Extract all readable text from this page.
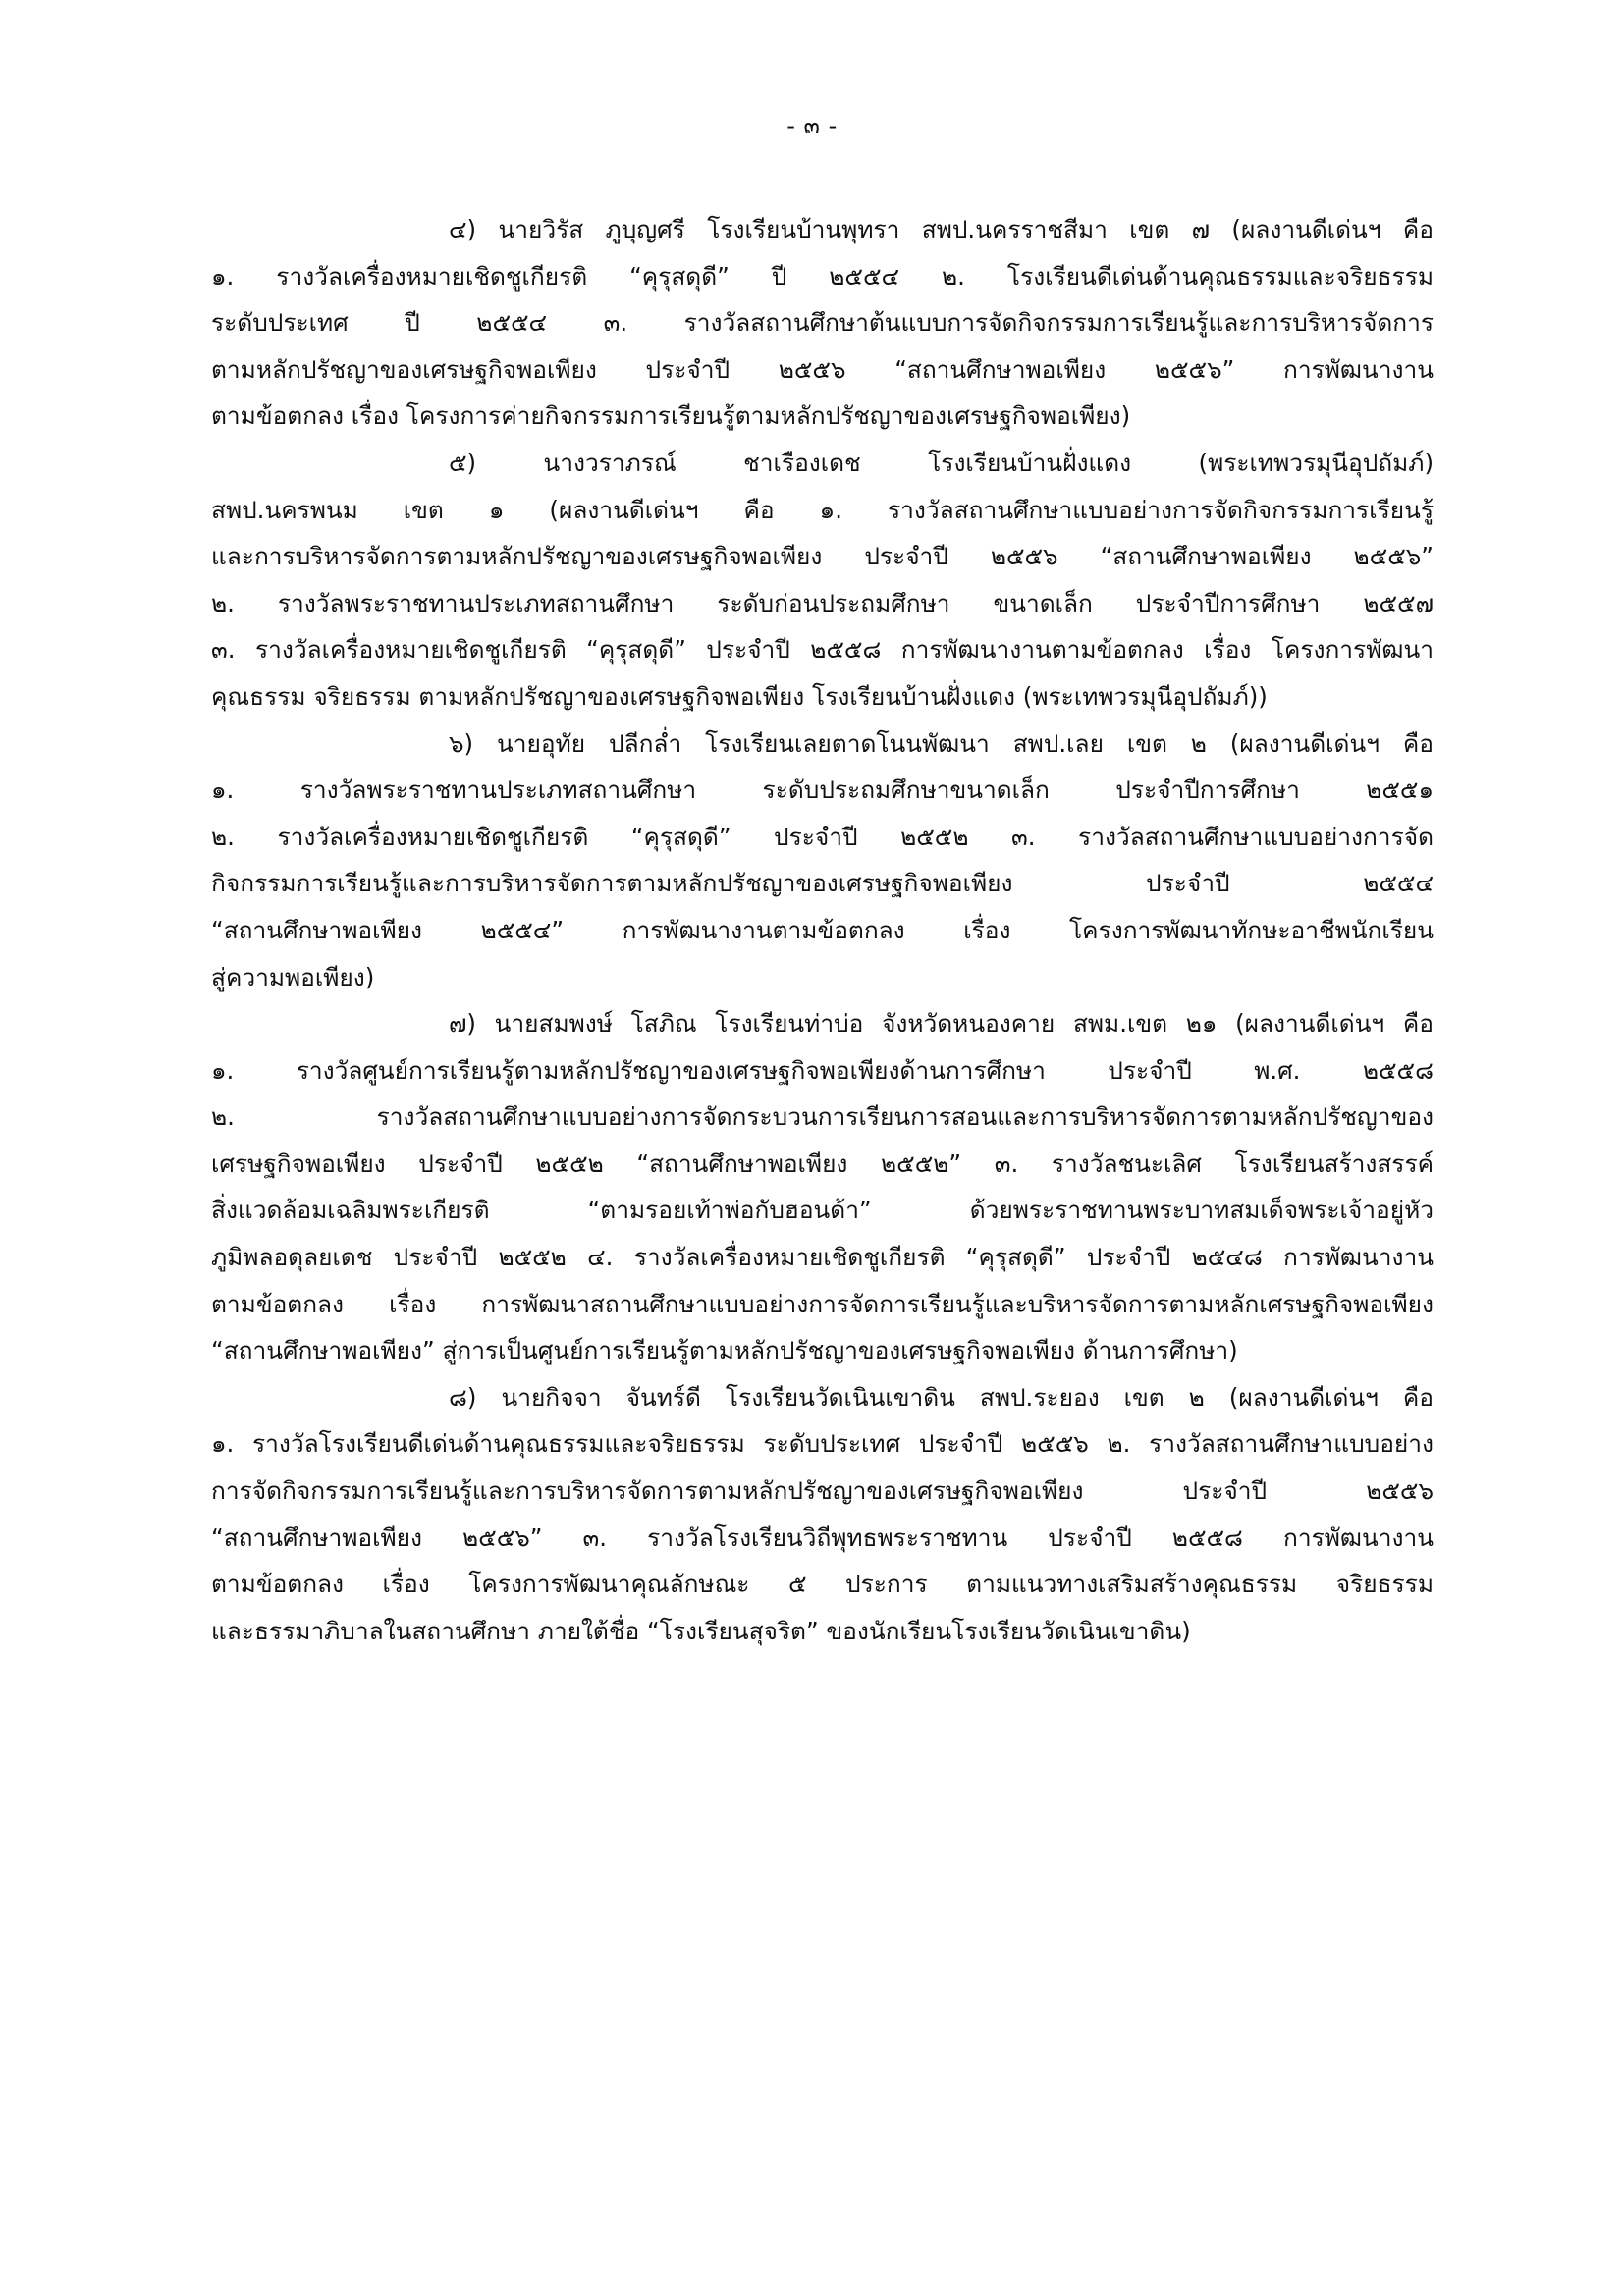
- ๓ -
๔) นายวิรัส ภูบุญศรี โรงเรียนบ้านพุทรา สพป.นครราชสีมา เขต ๗ (ผลงานดีเด่นฯ คือ
๑. รางวัลเครื่องหมายเชิดชูเกียรติ “คุรุสดุดี” ปี ๒๕๕๔ ๒. โรงเรียนดีเด่นด้านคุณธรรมและจริยธรรม
ระดับประเทศ ปี ๒๕๕๔ ๓. รางวัลสถานศึกษาต้นแบบการจัดกิจกรรมการเรียนรู้และการบริหารจัดการ
ตามหลักปรัชญาของเศรษฐกิจพอเพียง ประจำปี ๒๕๕๖ “สถานศึกษาพอเพียง ๒๕๕๖” การพัฒนางาน
ตามข้อตกลง เรื่อง โครงการค่ายกิจกรรมการเรียนรู้ตามหลักปรัชญาของเศรษฐกิจพอเพียง)
๕) นางวราภรณ์ ชาเรืองเดช โรงเรียนบ้านฝั่งแดง (พระเทพวรมุนีอุปถัมภ์)
สพป.นครพนม เขต ๑ (ผลงานดีเด่นฯ คือ ๑. รางวัลสถานศึกษาแบบอย่างการจัดกิจกรรมการเรียนรู้
และการบริหารจัดการตามหลักปรัชญาของเศรษฐกิจพอเพียง ประจำปี ๒๕๕๖ “สถานศึกษาพอเพียง ๒๕๕๖”
๒. รางวัลพระราชทานประเภทสถานศึกษา ระดับก่อนประถมศึกษา ขนาดเล็ก ประจำปีการศึกษา ๒๕๕๗
๓. รางวัลเครื่องหมายเชิดชูเกียรติ “คุรุสดุดี” ประจำปี ๒๕๕๘ การพัฒนางานตามข้อตกลง เรื่อง โครงการพัฒนา
คุณธรรม จริยธรรม ตามหลักปรัชญาของเศรษฐกิจพอเพียง โรงเรียนบ้านฝั่งแดง (พระเทพวรมุนีอุปถัมภ์))
๖) นายอุทัย ปลีกล่ำ โรงเรียนเลยตาดโนนพัฒนา สพป.เลย เขต ๒ (ผลงานดีเด่นฯ คือ
๑. รางวัลพระราชทานประเภทสถานศึกษา ระดับประถมศึกษาขนาดเล็ก ประจำปีการศึกษา ๒๕๕๑
๒. รางวัลเครื่องหมายเชิดชูเกียรติ “คุรุสดุดี” ประจำปี ๒๕๕๒ ๓. รางวัลสถานศึกษาแบบอย่างการจัด
กิจกรรมการเรียนรู้และการบริหารจัดการตามหลักปรัชญาของเศรษฐกิจพอเพียง ประจำปี ๒๕๕๔
“สถานศึกษาพอเพียง ๒๕๕๔” การพัฒนางานตามข้อตกลง เรื่อง โครงการพัฒนาทักษะอาชีพนักเรียน
สู่ความพอเพียง)
๗) นายสมพงษ์ โสภิณ โรงเรียนท่าบ่อ จังหวัดหนองคาย สพม.เขต ๒๑ (ผลงานดีเด่นฯ คือ
๑. รางวัลศูนย์การเรียนรู้ตามหลักปรัชญาของเศรษฐกิจพอเพียงด้านการศึกษา ประจำปี พ.ศ. ๒๕๕๘
๒. รางวัลสถานศึกษาแบบอย่างการจัดกระบวนการเรียนการสอนและการบริหารจัดการตามหลักปรัชญาของ
เศรษฐกิจพอเพียง ประจำปี ๒๕๕๒ “สถานศึกษาพอเพียง ๒๕๕๒” ๓. รางวัลชนะเลิศ โรงเรียนสร้างสรรค์
สิ่งแวดล้อมเฉลิมพระเกียรติ “ตามรอยเท้าพ่อกับฮอนด้า” ด้วยพระราชทานพระบาทสมเด็จพระเจ้าอยู่หัว
ภูมิพลอดุลยเดช ประจำปี ๒๕๕๒ ๔. รางวัลเครื่องหมายเชิดชูเกียรติ “คุรุสดุดี” ประจำปี ๒๕๔๘ การพัฒนางาน
ตามข้อตกลง เรื่อง การพัฒนาสถานศึกษาแบบอย่างการจัดการเรียนรู้และบริหารจัดการตามหลักเศรษฐกิจพอเพียง
“สถานศึกษาพอเพียง” สู่การเป็นศูนย์การเรียนรู้ตามหลักปรัชญาของเศรษฐกิจพอเพียง ด้านการศึกษา)
๘) นายกิจจา จันทร์ดี โรงเรียนวัดเนินเขาดิน สพป.ระยอง เขต ๒ (ผลงานดีเด่นฯ คือ
๑. รางวัลโรงเรียนดีเด่นด้านคุณธรรมและจริยธรรม ระดับประเทศ ประจำปี ๒๕๕๖ ๒. รางวัลสถานศึกษาแบบอย่าง
การจัดกิจกรรมการเรียนรู้และการบริหารจัดการตามหลักปรัชญาของเศรษฐกิจพอเพียง ประจำปี ๒๕๕๖
“สถานศึกษาพอเพียง ๒๕๕๖” ๓. รางวัลโรงเรียนวิถีพุทธพระราชทาน ประจำปี ๒๕๕๘ การพัฒนางาน
ตามข้อตกลง เรื่อง โครงการพัฒนาคุณลักษณะ ๕ ประการ ตามแนวทางเสริมสร้างคุณธรรม จริยธรรม
และธรรมาภิบาลในสถานศึกษา ภายใต้ชื่อ “โรงเรียนสุจริต” ของนักเรียนโรงเรียนวัดเนินเขาดิน)
